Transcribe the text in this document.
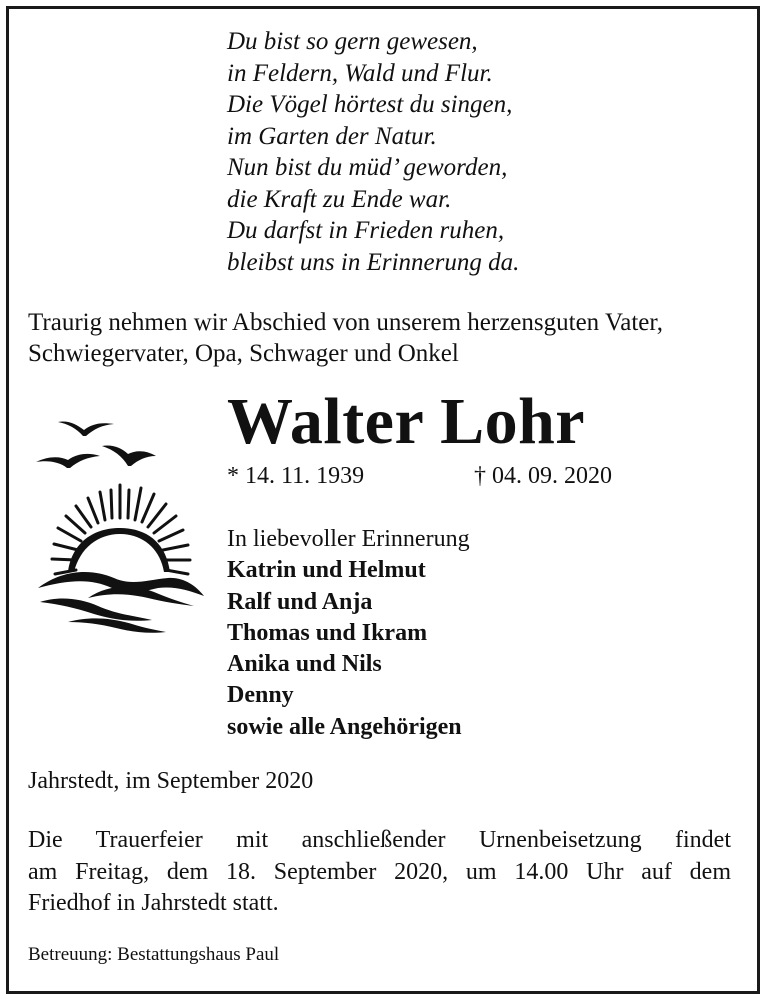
Du bist so gern gewesen,
in Feldern, Wald und Flur.
Die Vögel hörtest du singen,
im Garten der Natur.
Nun bist du müd’ geworden,
die Kraft zu Ende war.
Du darfst in Frieden ruhen,
bleibst uns in Erinnerung da.
Traurig nehmen wir Abschied von unserem herzensguten Vater,
Schwiegervater, Opa, Schwager und Onkel
Walter Lohr
* 14. 11. 1939	† 04. 09. 2020
In liebevoller Erinnerung
Katrin und Helmut
Ralf und Anja
Thomas und Ikram
Anika und Nils
Denny
sowie alle Angehörigen
Jahrstedt, im September 2020
Die Trauerfeier mit anschließender Urnenbeisetzung findet
am Freitag, dem 18. September 2020, um 14.00 Uhr auf dem
Friedhof in Jahrstedt statt.
Betreuung: Bestattungshaus Paul
